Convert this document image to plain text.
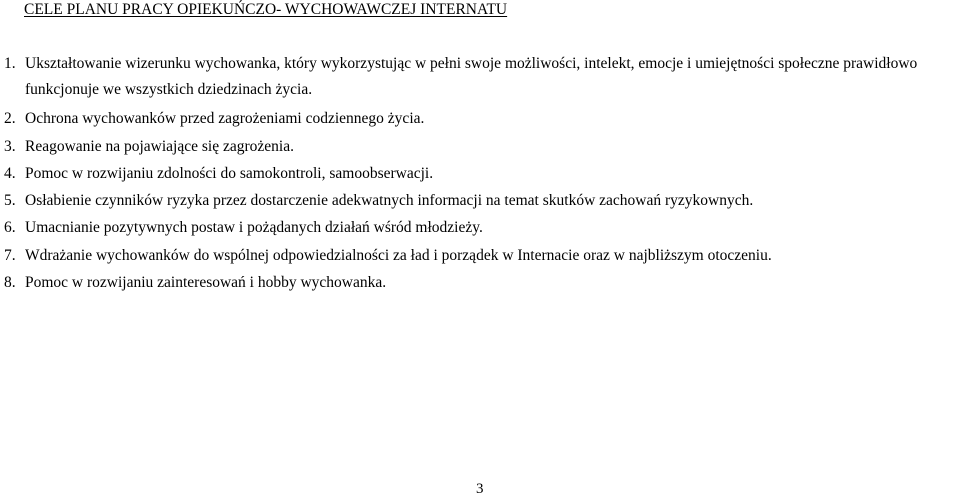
CELE PLANU PRACY OPIEKUŃCZO- WYCHOWAWCZEJ INTERNATU
1. Ukształtowanie wizerunku wychowanka, który wykorzystując w pełni swoje możliwości, intelekt, emocje i umiejętności społeczne prawidłowo
funkcjonuje we wszystkich dziedzinach życia.
2. Ochrona wychowanków przed zagrożeniami codziennego życia.
3. Reagowanie na pojawiające się zagrożenia.
4. Pomoc w rozwijaniu zdolności do samokontroli, samoobserwacji.
5. Osłabienie czynników ryzyka przez dostarczenie adekwatnych informacji na temat skutków zachowań ryzykownych.
6. Umacnianie pozytywnych postaw i pożądanych działań wśród młodzieży.
7. Wdrażanie wychowanków do wspólnej odpowiedzialności za ład i porządek w Internacie oraz w najbliższym otoczeniu.
8. Pomoc w rozwijaniu zainteresowań i hobby wychowanka.
3
